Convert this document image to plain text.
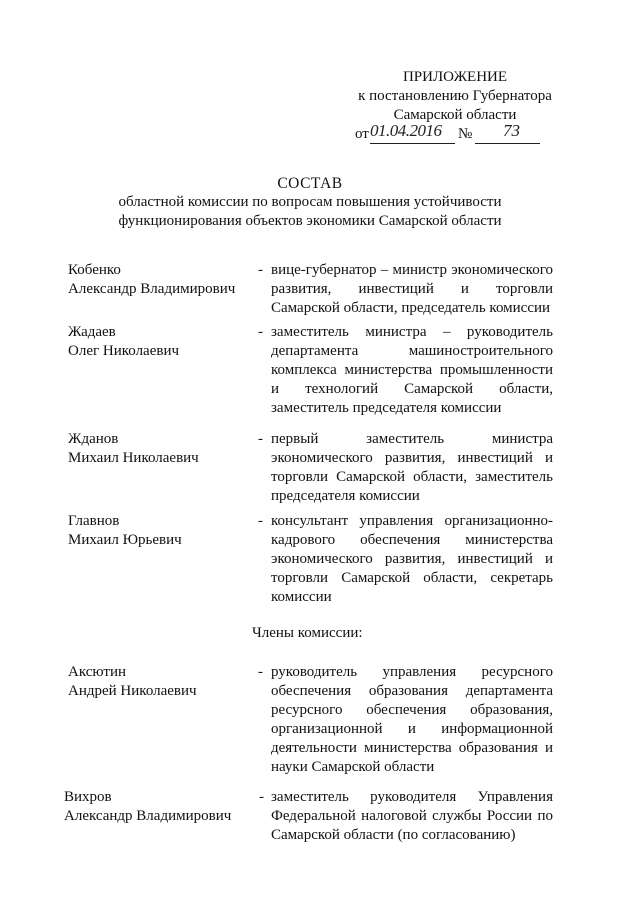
ПРИЛОЖЕНИЕ
к постановлению Губернатора
Самарской области
от 01.04.2016 № 73
СОСТАВ
областной комиссии по вопросам повышения устойчивости
функционирования объектов экономики Самарской области
Кобенко
Александр Владимирович
- вице-губернатор – министр экономического развития, инвестиций и торговли Самарской области, председатель комиссии
Жадаев
Олег Николаевич
- заместитель министра – руководитель департамента машиностроительного комплекса министерства промышленности и технологий Самарской области, заместитель председателя комиссии
Жданов
Михаил Николаевич
- первый заместитель министра экономического развития, инвестиций и торговли Самарской области, заместитель председателя комиссии
Главнов
Михаил Юрьевич
- консультант управления организационно-кадрового обеспечения министерства экономического развития, инвестиций и торговли Самарской области, секретарь комиссии
Члены комиссии:
Аксютин
Андрей Николаевич
- руководитель управления ресурсного обеспечения образования департамента ресурсного обеспечения образования, организационной и информационной деятельности министерства образования и науки Самарской области
Вихров
Александр Владимирович
- заместитель руководителя Управления Федеральной налоговой службы России по Самарской области (по согласованию)
